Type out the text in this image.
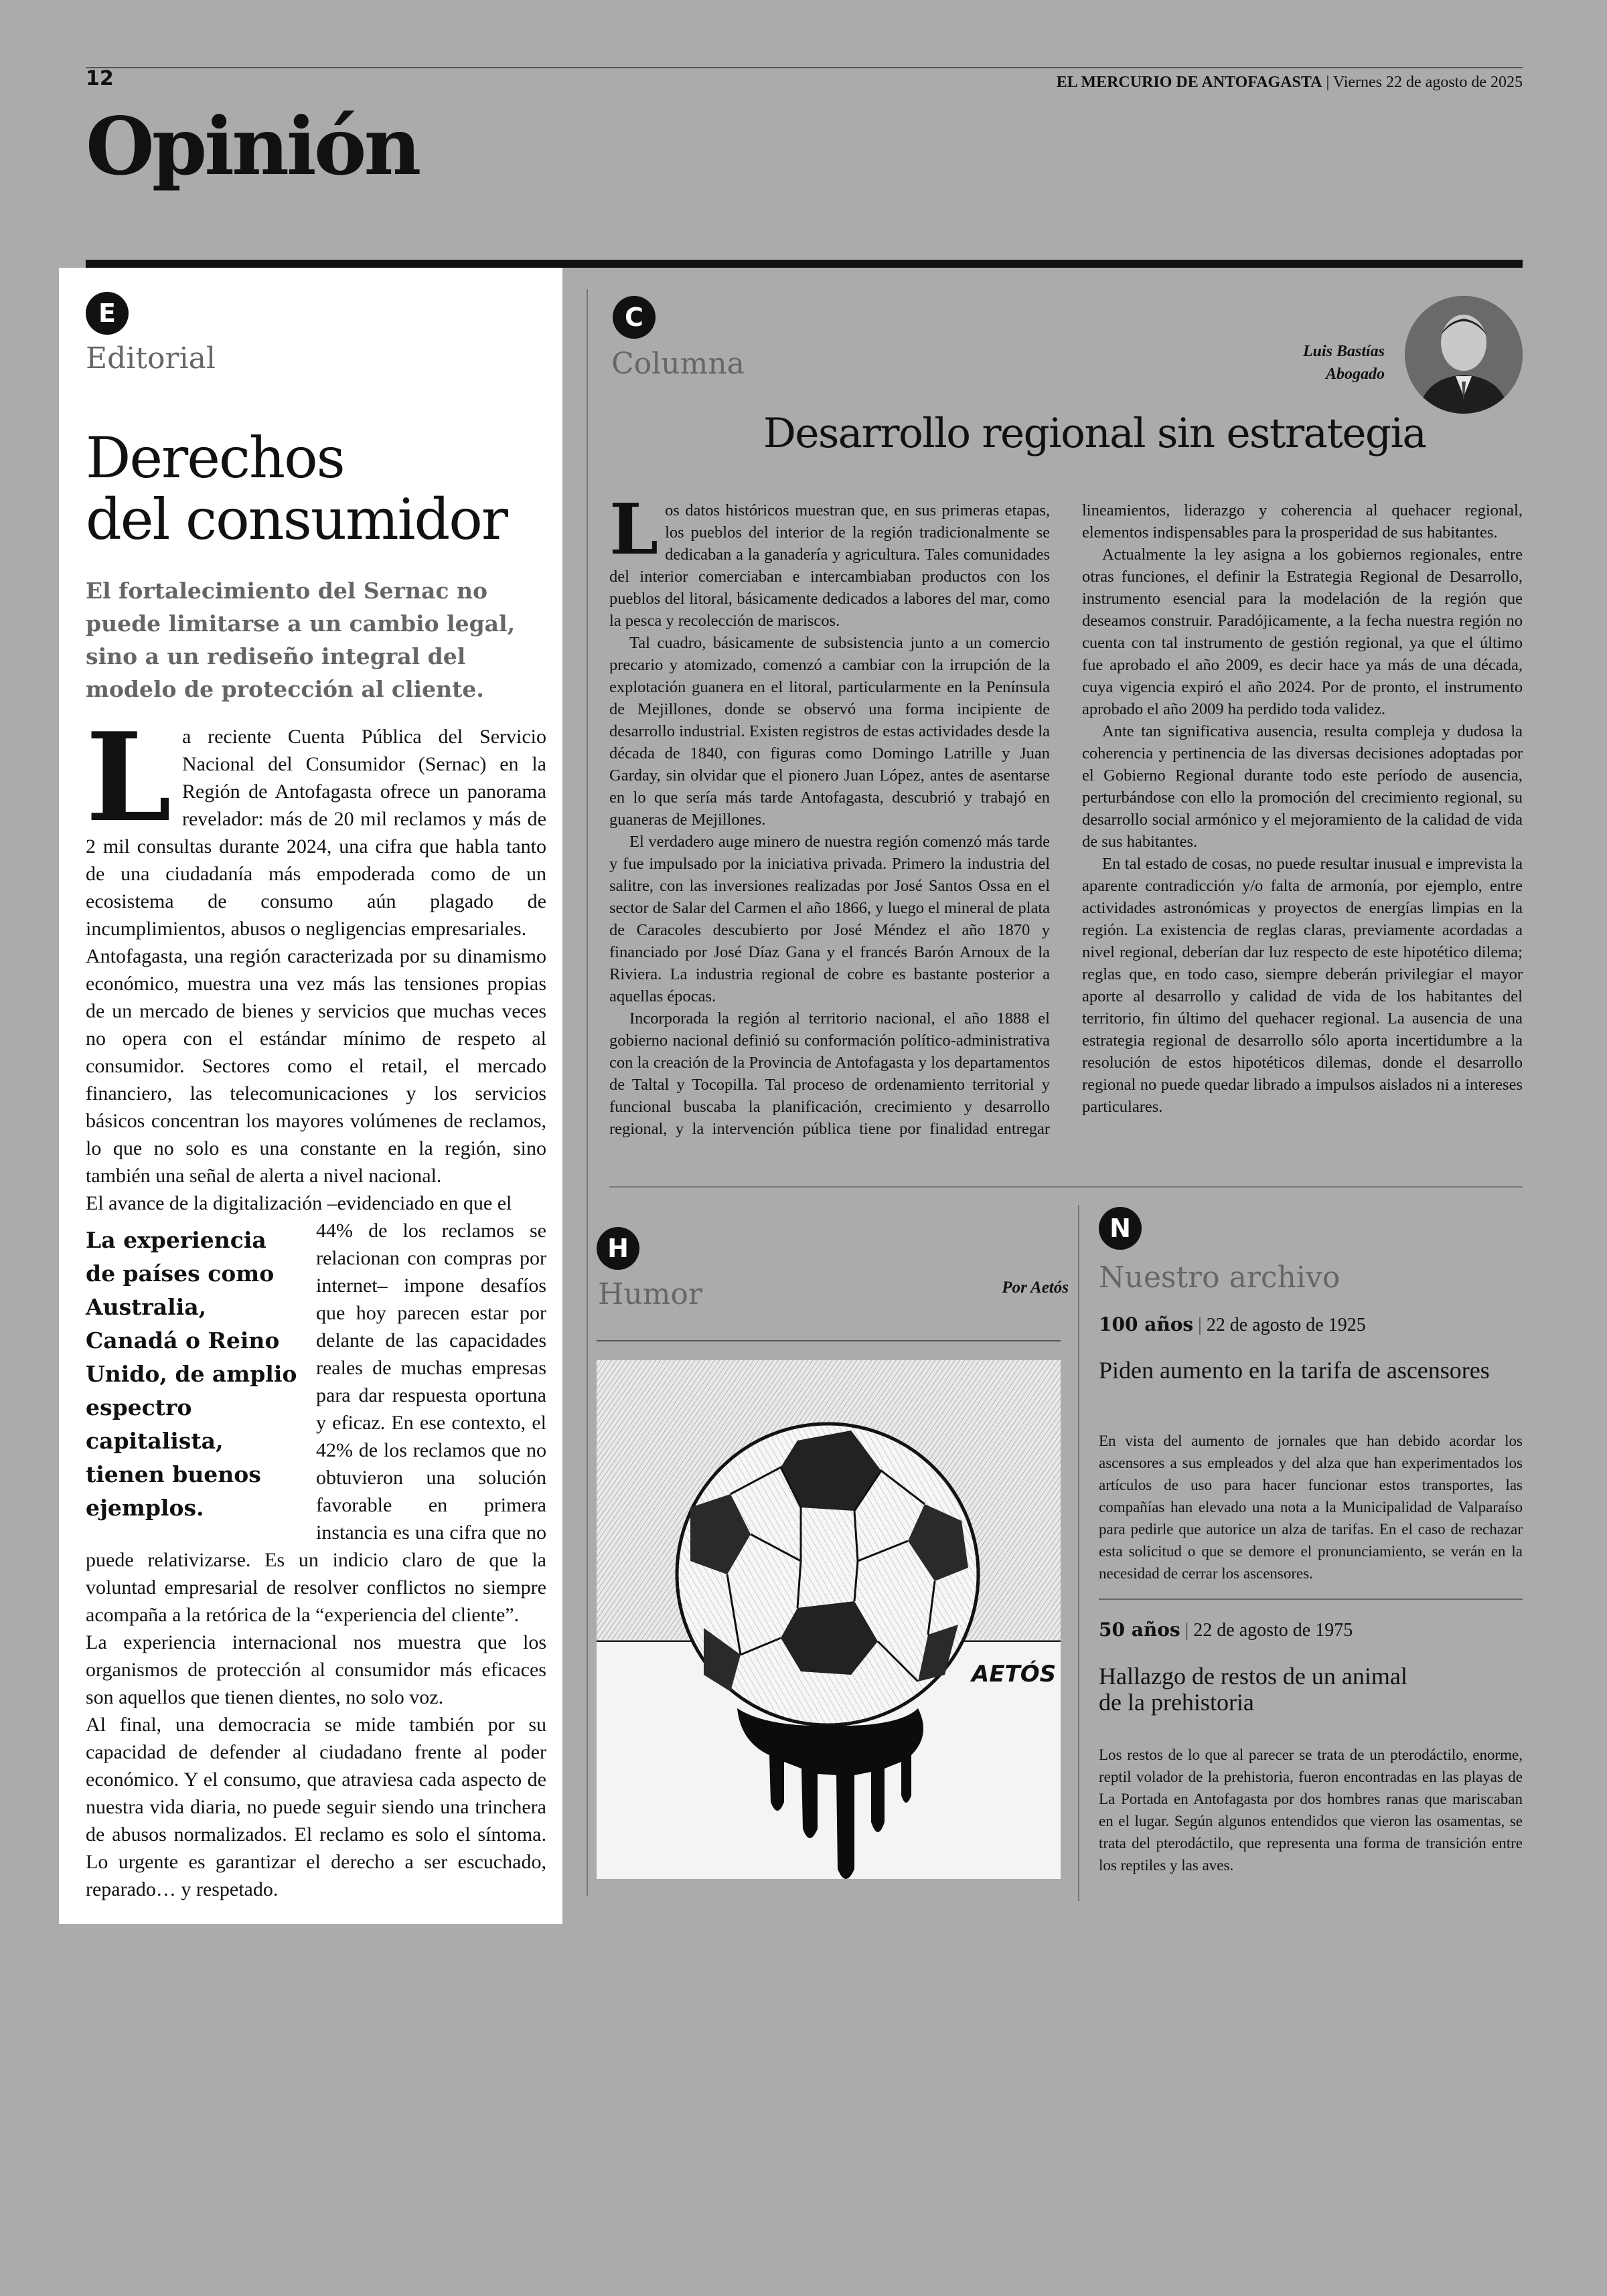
12	EL MERCURIO DE ANTOFAGASTA | Viernes 22 de agosto de 2025
Opinión
E
Editorial
Derechos
del consumidor
El fortalecimiento del Sernac no puede limitarse a un cambio legal, sino a un rediseño integral del modelo de protección al cliente.

La reciente Cuenta Pública del Servicio Nacional del Consumidor (Sernac) en la Región de Antofagasta ofrece un panorama revelador: más de 20 mil reclamos y más de 2 mil consultas durante 2024, una cifra que habla tanto de una ciudadanía más empoderada como de un ecosistema de consumo aún plagado de incumplimientos, abusos o negligencias empresariales.

Antofagasta, una región caracterizada por su dinamismo económico, muestra una vez más las tensiones propias de un mercado de bienes y servicios que muchas veces no opera con el estándar mínimo de respeto al consumidor. Sectores como el retail, el mercado financiero, las telecomunicaciones y los servicios básicos concentran los mayores volúmenes de reclamos, lo que no solo es una constante en la región, sino también una señal de alerta a nivel nacional.

El avance de la digitalización –evidenciado en que el

La experiencia de países como Australia, Canadá o Reino Unido, de amplio espectro capitalista, tienen buenos ejemplos.
44% de los reclamos se relacionan con compras por internet– impone desafíos que hoy parecen estar por delante de las capacidades reales de muchas empresas para dar respuesta oportuna y eficaz. En ese contexto, el 42% de los reclamos que no obtuvieron una solución favorable en primera instancia es una cifra que no puede relativizarse. Es un indicio claro de que la voluntad empresarial de resolver conflictos no siempre acompaña a la retórica de la “experiencia del cliente”.

La experiencia internacional nos muestra que los organismos de protección al consumidor más eficaces son aquellos que tienen dientes, no solo voz.

Al final, una democracia se mide también por su capacidad de defender al ciudadano frente al poder económico. Y el consumo, que atraviesa cada aspecto de nuestra vida diaria, no puede seguir siendo una trinchera de abusos normalizados. El reclamo es solo el síntoma. Lo urgente es garantizar el derecho a ser escuchado, reparado… y respetado.

C
Columna	Luis Bastías
Abogado
Desarrollo regional sin estrategia

Los datos históricos muestran que, en sus primeras etapas, los pueblos del interior de la región tradicionalmente se dedicaban a la ganadería y agricultura. Tales comunidades del interior comerciaban e intercambiaban productos con los pueblos del litoral, básicamente dedicados a labores del mar, como la pesca y recolección de mariscos.

Tal cuadro, básicamente de subsistencia junto a un comercio precario y atomizado, comenzó a cambiar con la irrupción de la explotación guanera en el litoral, particularmente en la Península de Mejillones, donde se observó una forma incipiente de desarrollo industrial. Existen registros de estas actividades desde la década de 1840, con figuras como Domingo Latrille y Juan Garday, sin olvidar que el pionero Juan López, antes de asentarse en lo que sería más tarde Antofagasta, descubrió y trabajó en guaneras de Mejillones.

El verdadero auge minero de nuestra región comenzó más tarde y fue impulsado por la iniciativa privada. Primero la industria del salitre, con las inversiones realizadas por José Santos Ossa en el sector de Salar del Carmen el año 1866, y luego el mineral de plata de Caracoles descubierto por José Méndez el año 1870 y financiado por José Díaz Gana y el francés Barón Arnoux de la Riviera. La industria regional de cobre es bastante posterior a aquellas épocas.

Incorporada la región al territorio nacional, el año 1888 el gobierno nacional definió su conformación político-administrativa con la creación de la Provincia de Antofagasta y los departamentos de Taltal y Tocopilla. Tal proceso de ordenamiento territorial y funcional buscaba la planificación, crecimiento y desarrollo regional, y la intervención pública tiene por finalidad entregar lineamientos, liderazgo y coherencia al quehacer regional, elementos indispensables para la prosperidad de sus habitantes.

Actualmente la ley asigna a los gobiernos regionales, entre otras funciones, el definir la Estrategia Regional de Desarrollo, instrumento esencial para la modelación de la región que deseamos construir. Paradójicamente, a la fecha nuestra región no cuenta con tal instrumento de gestión regional, ya que el último fue aprobado el año 2009, es decir hace ya más de una década, cuya vigencia expiró el año 2024. Por de pronto, el instrumento aprobado el año 2009 ha perdido toda validez.

Ante tan significativa ausencia, resulta compleja y dudosa la coherencia y pertinencia de las diversas decisiones adoptadas por el Gobierno Regional durante todo este período de ausencia, perturbándose con ello la promoción del crecimiento regional, su desarrollo social armónico y el mejoramiento de la calidad de vida de sus habitantes.

En tal estado de cosas, no puede resultar inusual e imprevista la aparente contradicción y/o falta de armonía, por ejemplo, entre actividades astronómicas y proyectos de energías limpias en la región. La existencia de reglas claras, previamente acordadas a nivel regional, deberían dar luz respecto de este hipotético dilema; reglas que, en todo caso, siempre deberán privilegiar el mayor aporte al desarrollo y calidad de vida de los habitantes del territorio, fin último del quehacer regional. La ausencia de una estrategia regional de desarrollo sólo aporta incertidumbre a la resolución de estos hipotéticos dilemas, donde el desarrollo regional no puede quedar librado a impulsos aislados ni a intereses particulares.

H
Humor	Por Aetós
AETÓS
N
Nuestro archivo
100 años | 22 de agosto de 1925
Piden aumento en la tarifa de ascensores
En vista del aumento de jornales que han debido acordar los ascensores a sus empleados y del alza que han experimentados los artículos de uso para hacer funcionar estos transportes, las compañías han elevado una nota a la Municipalidad de Valparaíso para pedirle que autorice un alza de tarifas. En el caso de rechazar esta solicitud o que se demore el pronunciamiento, se verán en la necesidad de cerrar los ascensores.
50 años | 22 de agosto de 1975
Hallazgo de restos de un animal de la prehistoria
Los restos de lo que al parecer se trata de un pterodáctilo, enorme, reptil volador de la prehistoria, fueron encontradas en las playas de La Portada en Antofagasta por dos hombres ranas que mariscaban en el lugar. Según algunos entendidos que vieron las osamentas, se trata del pterodáctilo, que representa una forma de transición entre los reptiles y las aves.
